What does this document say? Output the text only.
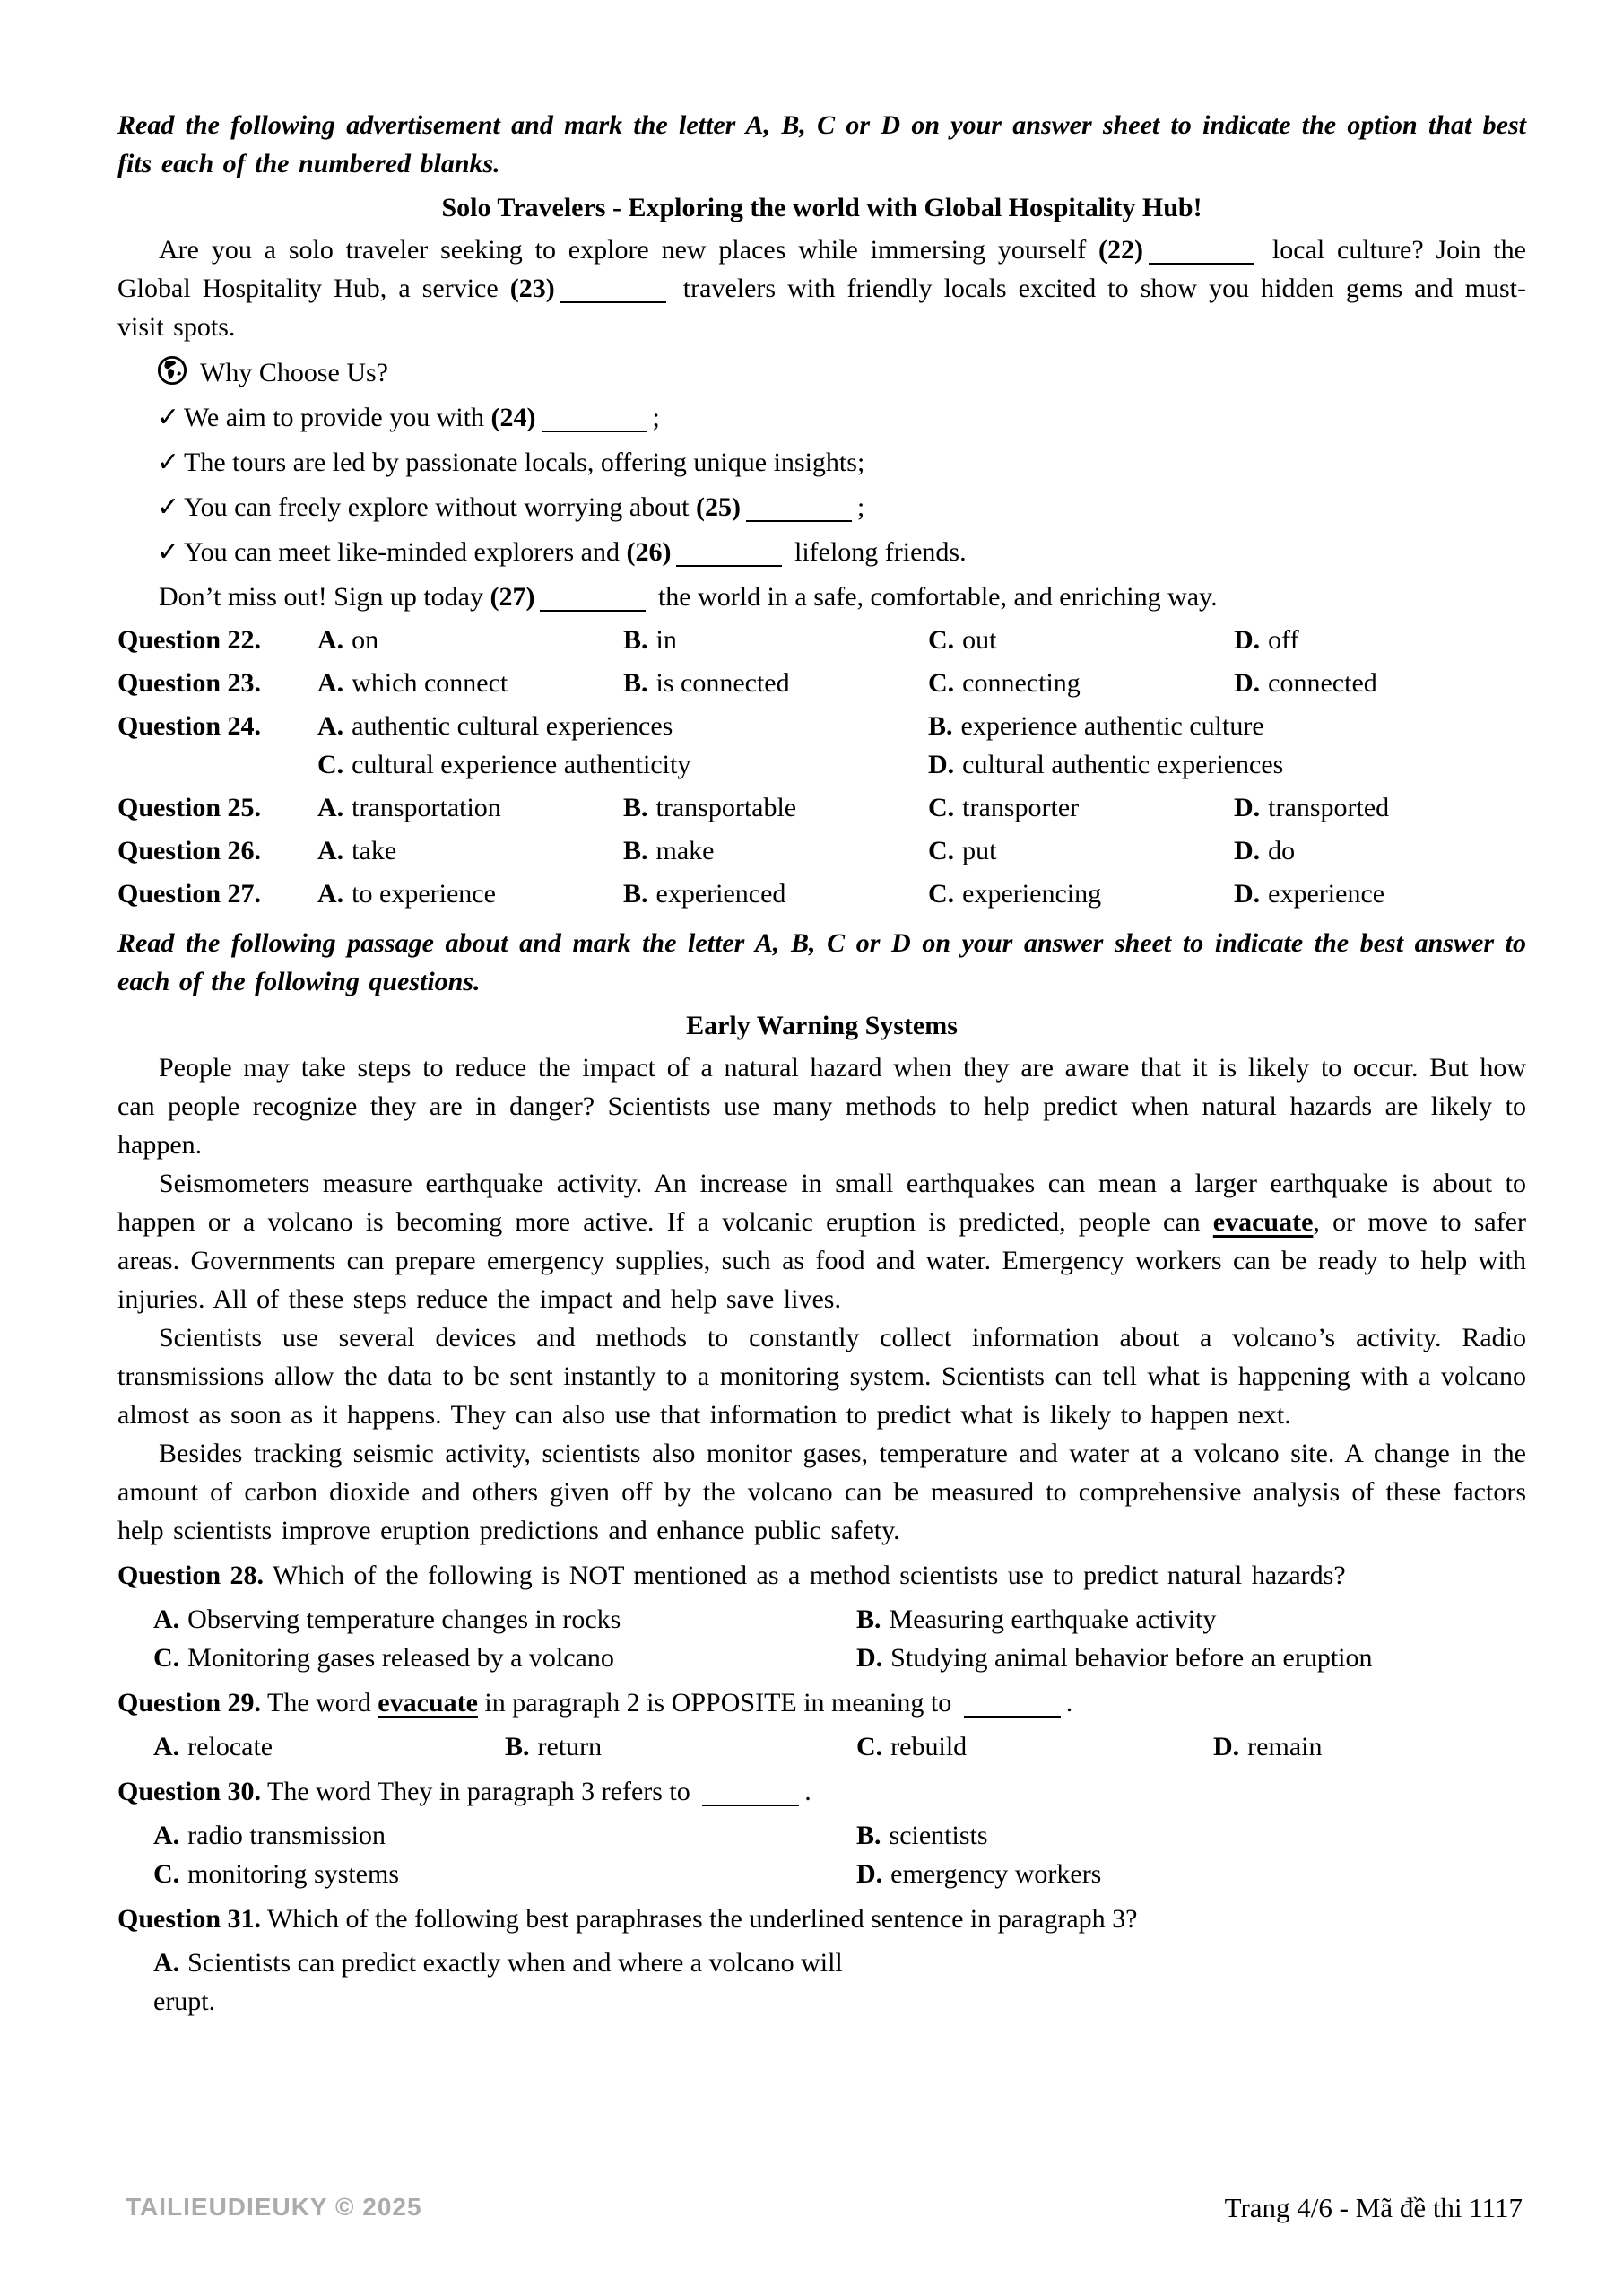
Read the following advertisement and mark the letter A, B, C or D on your answer sheet to indicate the option that best fits each of the numbered blanks.
Solo Travelers - Exploring the world with Global Hospitality Hub!
Are you a solo traveler seeking to explore new places while immersing yourself (22)	local culture? Join the Global Hospitality Hub, a service (23)	travelers with friendly locals excited to show you hidden gems and must-visit spots.
Why Choose Us?
✓ We aim to provide you with (24)	;
✓ The tours are led by passionate locals, offering unique insights;
✓ You can freely explore without worrying about (25)	;
✓ You can meet like-minded explorers and (26)	lifelong friends.
Don’t miss out! Sign up today (27)	the world in a safe, comfortable, and enriching way.
Question 22.	A. on	B. in	C. out	D. off
Question 23.	A. which connect	B. is connected	C. connecting	D. connected
Question 24.	A. authentic cultural experiences	B. experience authentic culture
C. cultural experience authenticity	D. cultural authentic experiences
Question 25.	A. transportation	B. transportable	C. transporter	D. transported
Question 26.	A. take	B. make	C. put	D. do
Question 27.	A. to experience	B. experienced	C. experiencing	D. experience
Read the following passage about and mark the letter A, B, C or D on your answer sheet to indicate the best answer to each of the following questions.
Early Warning Systems
People may take steps to reduce the impact of a natural hazard when they are aware that it is likely to occur. But how can people recognize they are in danger? Scientists use many methods to help predict when natural hazards are likely to happen.
Seismometers measure earthquake activity. An increase in small earthquakes can mean a larger earthquake is about to happen or a volcano is becoming more active. If a volcanic eruption is predicted, people can evacuate, or move to safer areas. Governments can prepare emergency supplies, such as food and water. Emergency workers can be ready to help with injuries. All of these steps reduce the impact and help save lives.
Scientists use several devices and methods to constantly collect information about a volcano’s activity. Radio transmissions allow the data to be sent instantly to a monitoring system. Scientists can tell what is happening with a volcano almost as soon as it happens. They can also use that information to predict what is likely to happen next.
Besides tracking seismic activity, scientists also monitor gases, temperature and water at a volcano site. A change in the amount of carbon dioxide and others given off by the volcano can be measured to comprehensive analysis of these factors help scientists improve eruption predictions and enhance public safety.
Question 28. Which of the following is NOT mentioned as a method scientists use to predict natural hazards?
A. Observing temperature changes in rocks	B. Measuring earthquake activity
C. Monitoring gases released by a volcano	D. Studying animal behavior before an eruption
Question 29. The word evacuate in paragraph 2 is OPPOSITE in meaning to	.
A. relocate	B. return	C. rebuild	D. remain
Question 30. The word They in paragraph 3 refers to	.
A. radio transmission	B. scientists
C. monitoring systems	D. emergency workers
Question 31. Which of the following best paraphrases the underlined sentence in paragraph 3?
A. Scientists can predict exactly when and where a volcano will erupt.
TAILIEUDIEUKY © 2025	Trang 4/6 - Mã đề thi 1117
